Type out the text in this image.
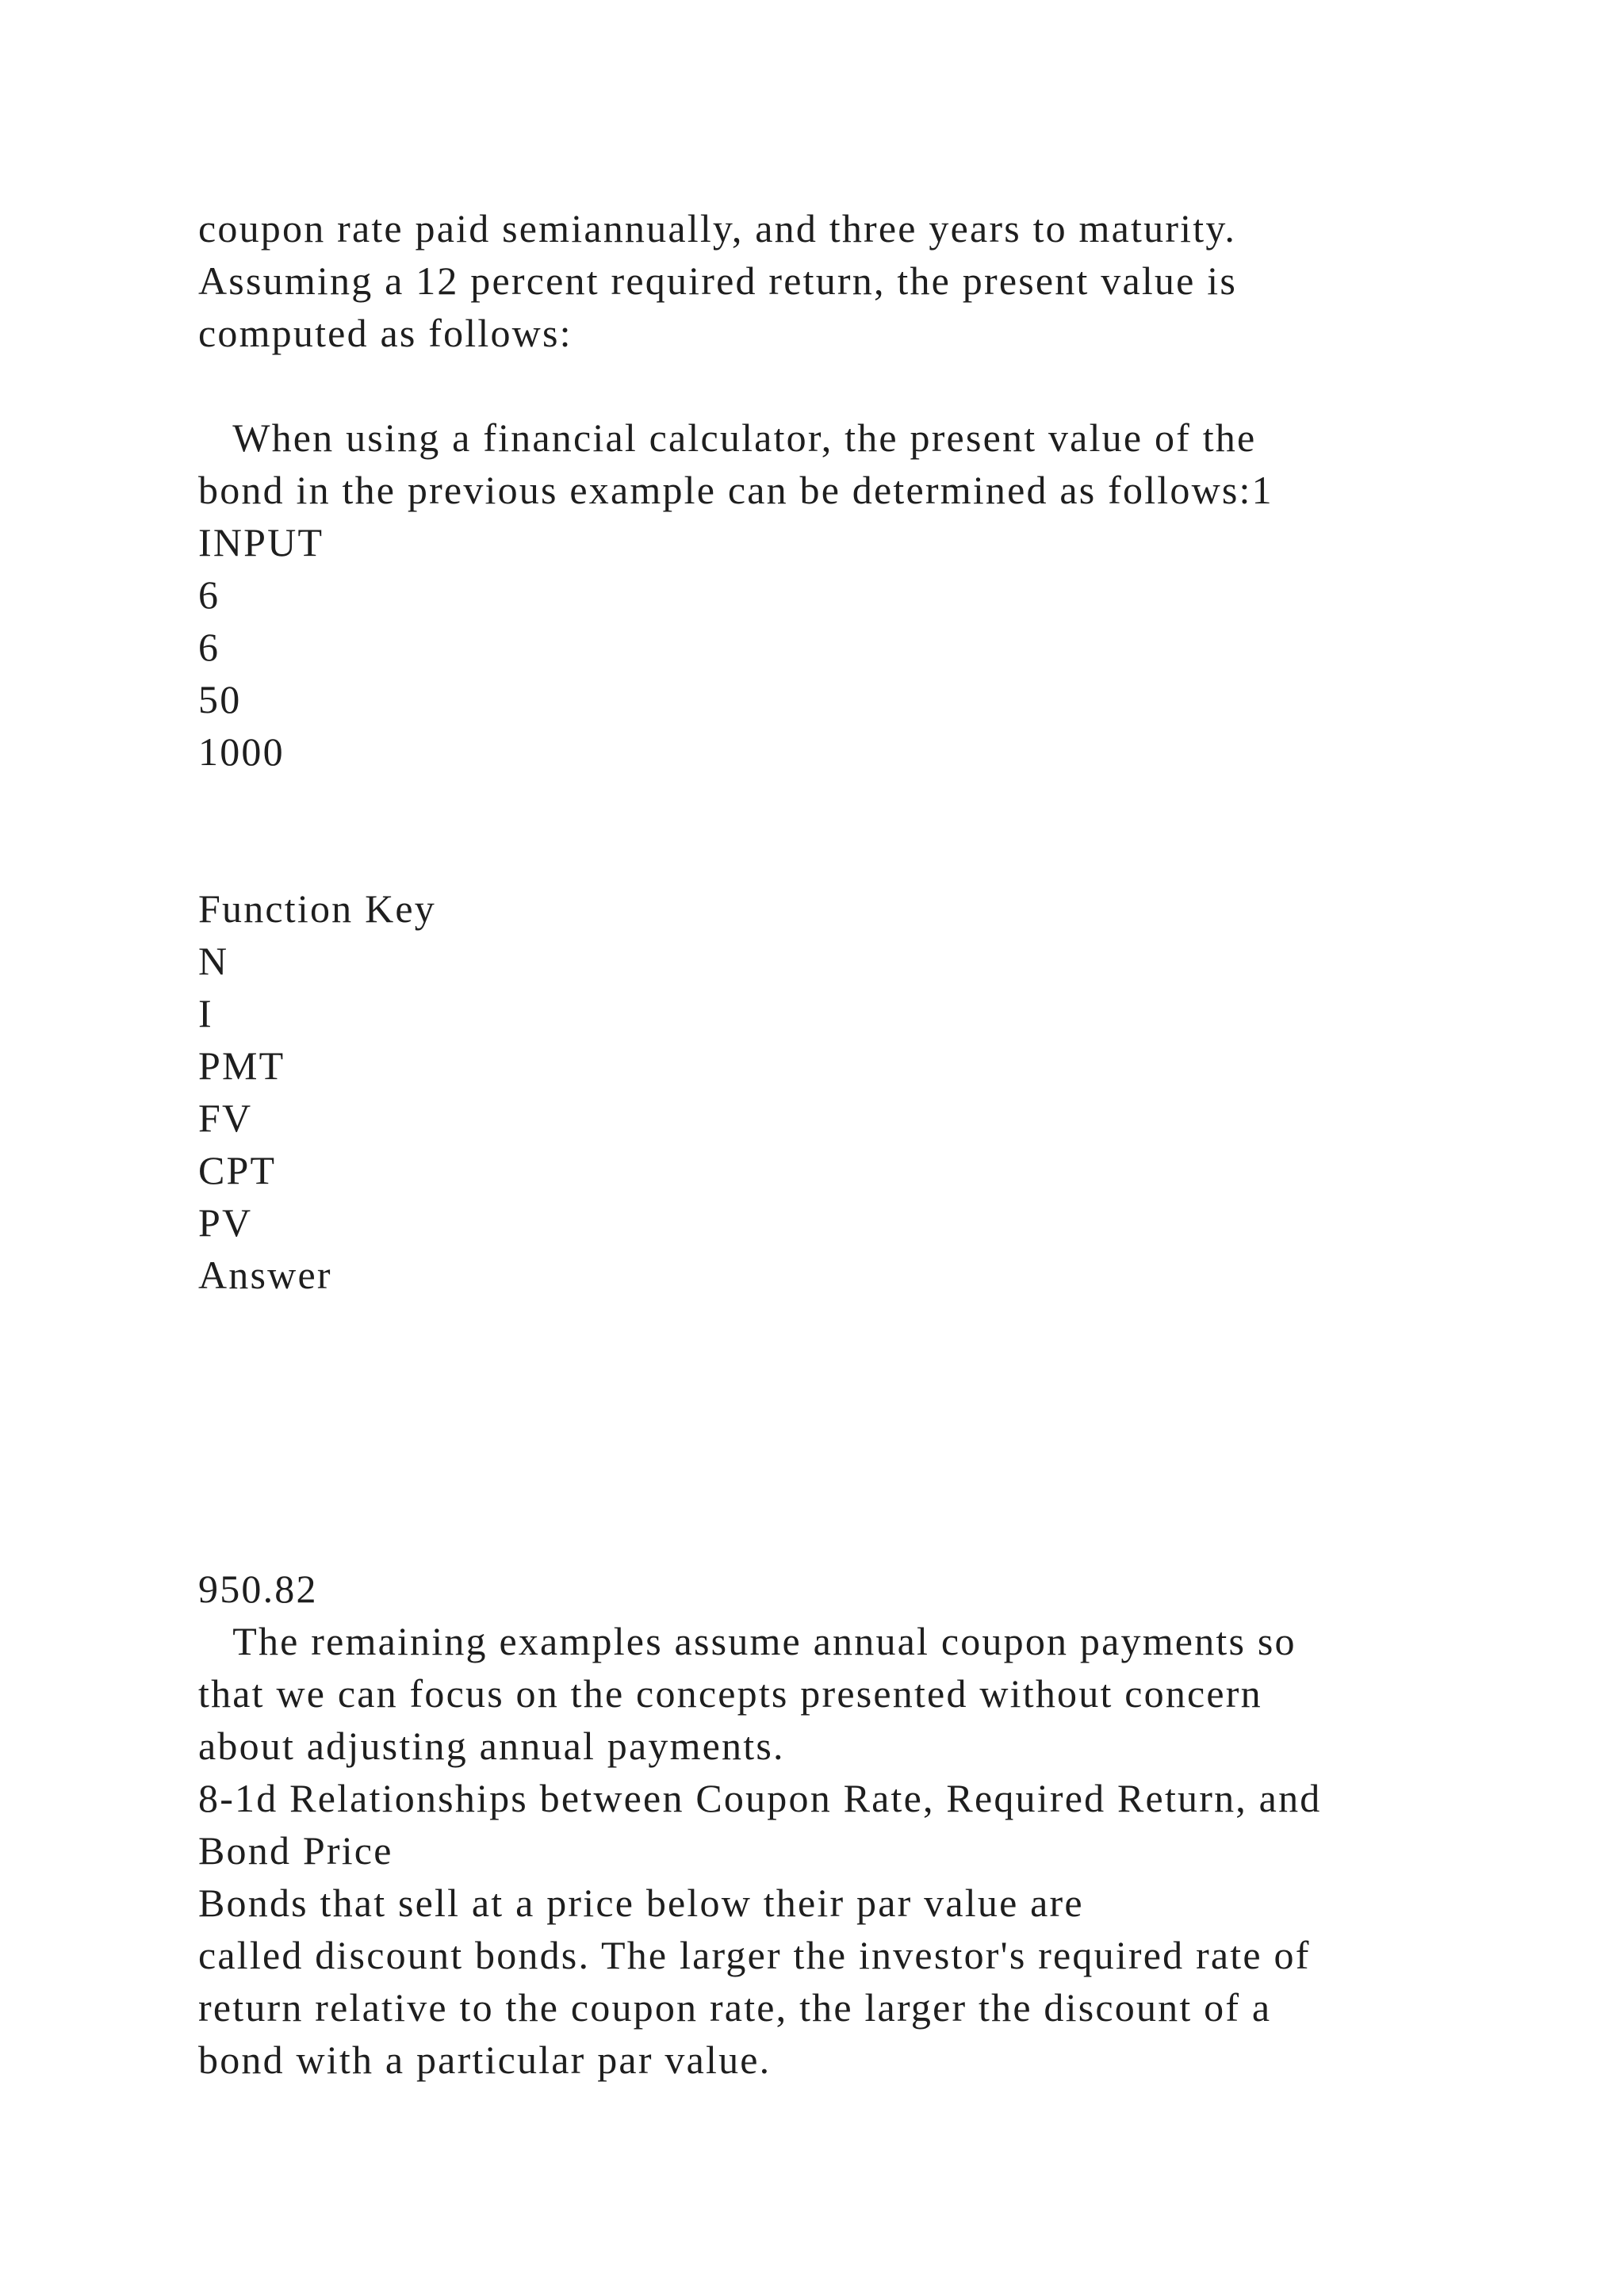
coupon rate paid semiannually, and three years to maturity.
Assuming a 12 percent required return, the present value is
computed as follows:
When using a financial calculator, the present value of the
bond in the previous example can be determined as follows:1
INPUT
6
6
50
1000
Function Key
N
I
PMT
FV
CPT
PV
Answer
950.82
The remaining examples assume annual coupon payments so
that we can focus on the concepts presented without concern
about adjusting annual payments.
8-1d Relationships between Coupon Rate, Required Return, and
Bond Price
Bonds that sell at a price below their par value are
called discount bonds. The larger the investor's required rate of
return relative to the coupon rate, the larger the discount of a
bond with a particular par value.
